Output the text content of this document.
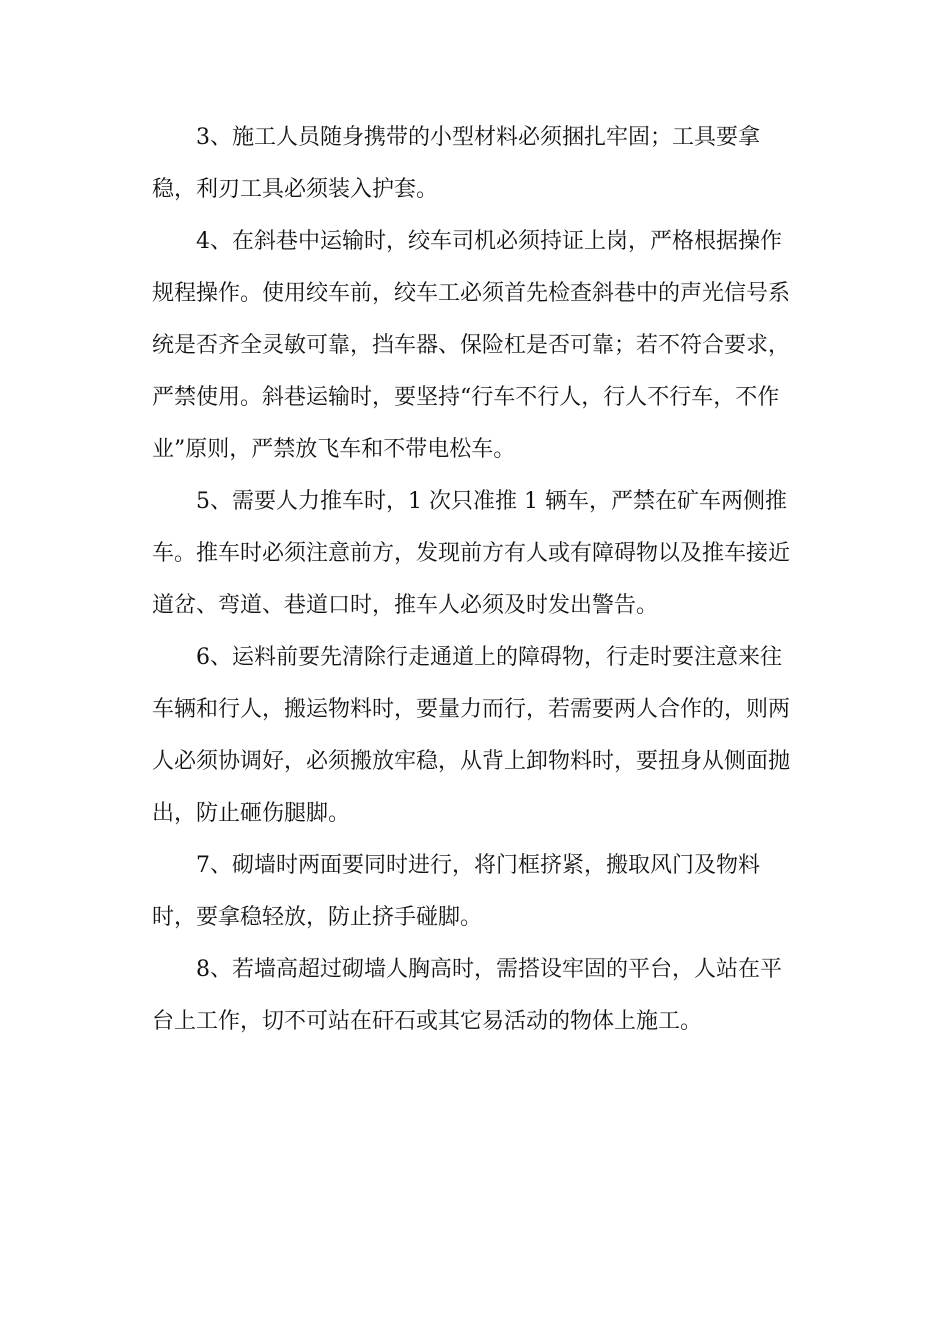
3、施工人员随身携带的小型材料必须捆扎牢固；工具要拿
稳，利刃工具必须装入护套。

4、在斜巷中运输时，绞车司机必须持证上岗，严格根据操作
规程操作。使用绞车前，绞车工必须首先检查斜巷中的声光信号系
统是否齐全灵敏可靠，挡车器、保险杠是否可靠；若不符合要求，
严禁使用。斜巷运输时，要坚持“行车不行人，行人不行车，不作
业”原则，严禁放飞车和不带电松车。

5、需要人力推车时，1 次只准推 1 辆车，严禁在矿车两侧推
车。推车时必须注意前方，发现前方有人或有障碍物以及推车接近
道岔、弯道、巷道口时，推车人必须及时发出警告。

6、运料前要先清除行走通道上的障碍物，行走时要注意来往
车辆和行人，搬运物料时，要量力而行，若需要两人合作的，则两
人必须协调好，必须搬放牢稳，从背上卸物料时，要扭身从侧面抛
出，防止砸伤腿脚。

7、砌墙时两面要同时进行，将门框挤紧，搬取风门及物料
时，要拿稳轻放，防止挤手碰脚。

8、若墙高超过砌墙人胸高时，需搭设牢固的平台，人站在平
台上工作，切不可站在矸石或其它易活动的物体上施工。
